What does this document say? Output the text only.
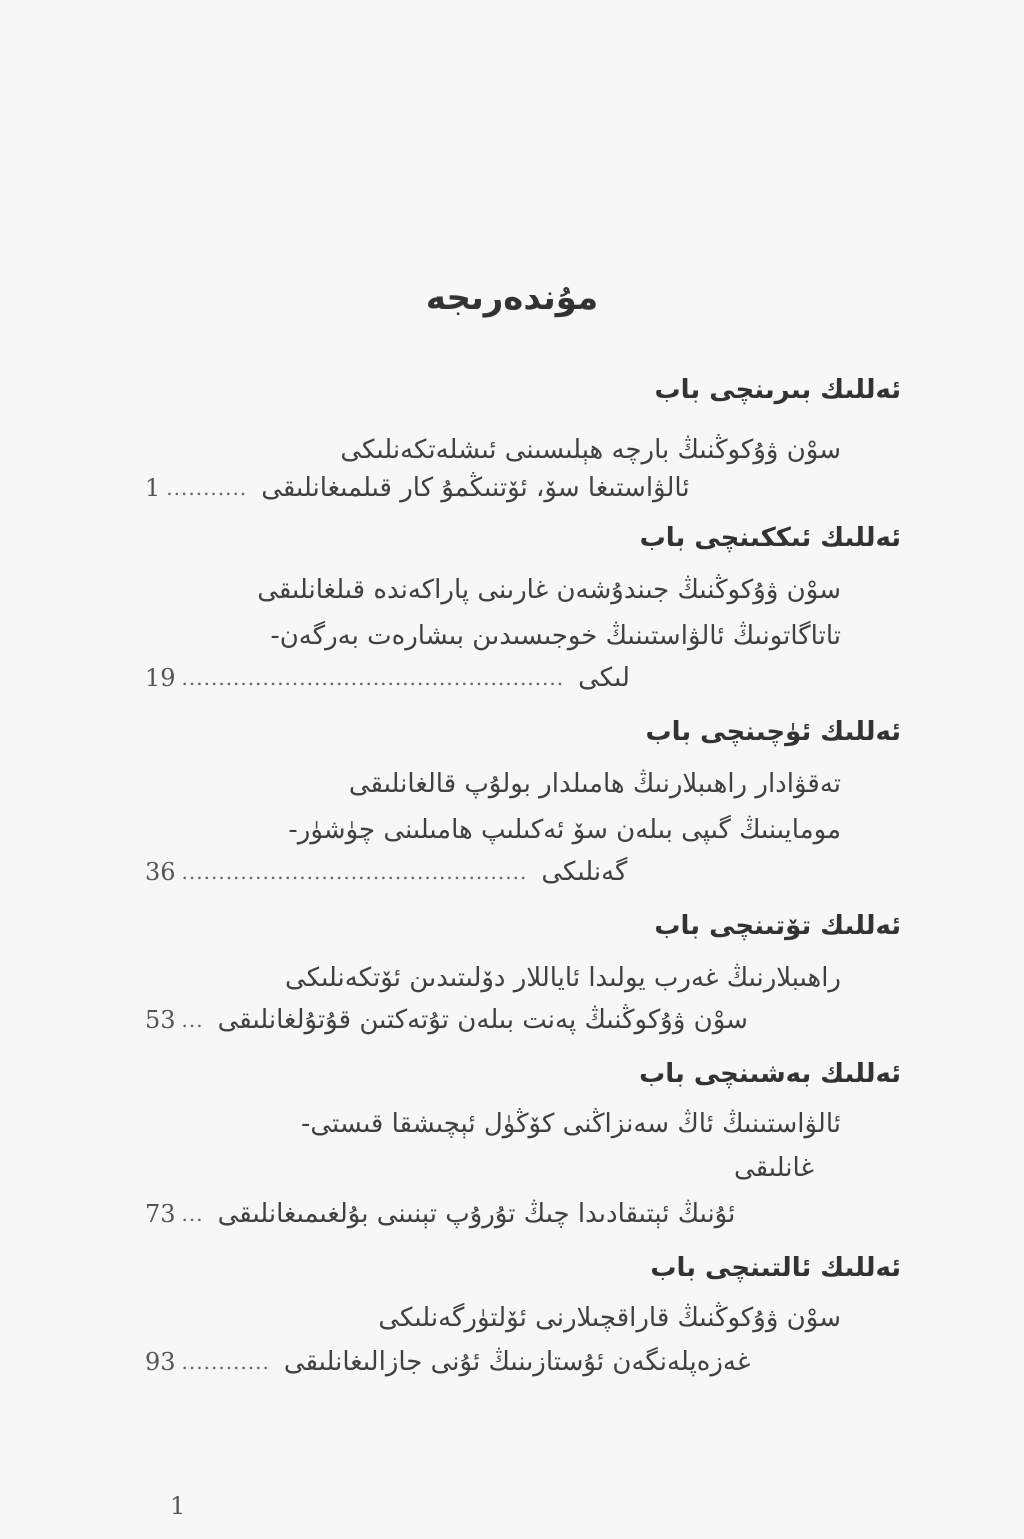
مۇندەرىجە
ئەللىك بىرىنچى باب
سوْن ۋۇكوڭنىڭ بارچە ھېلىسىنى ئىشلەتكەنلىكى
1 ........... ئالۋاستىغا سۆ، ئۆتنىڭمۇ كار قىلمىغانلىقى
ئەللىك ئىككىنچى باب
سوْن ۋۇكوڭنىڭ جىندۇشەن غارىنى پاراكەندە قىلغانلىقى
تاتاگاتونىڭ ئالۋاستىنىڭ خوجىسىدىن بىشارەت بەرگەن-
19 .................................................... لىكى
ئەللىك ئۈچىنچى باب
تەقۋادار راھىبلارنىڭ ھامىلدار بولۇپ قالغانلىقى
مومايىنىڭ گىپى بىلەن سۆ ئەكىلىپ ھامىلىنى چۈشۈر-
36 ............................................... گەنلىكى
ئەللىك تۆتىنچى باب
راھىبلارنىڭ غەرب يولىدا ئاياللار دۆلىتىدىن ئۆتكەنلىكى
53 ... سوْن ۋۇكوڭنىڭ پەنت بىلەن تۇتەكتىن قۇتۇلغانلىقى
ئەللىك بەشىنچى باب
ئالۋاستىنىڭ ئاڭ سەنزاڭنى كۆڭۈل ئېچىشقا قىستى-
غانلىقى
73 ... ئۇنىڭ ئېتىقادىدا چىڭ تۇرۇپ تېنىنى بۇلغىمىغانلىقى
ئەللىك ئالتىنچى باب
سوْن ۋۇكوڭنىڭ قاراقچىلارنى ئۆلتۈرگەنلىكى
93 ............ غەزەپلەنگەن ئۇستازىنىڭ ئۇنى جازالىغانلىقى
1
